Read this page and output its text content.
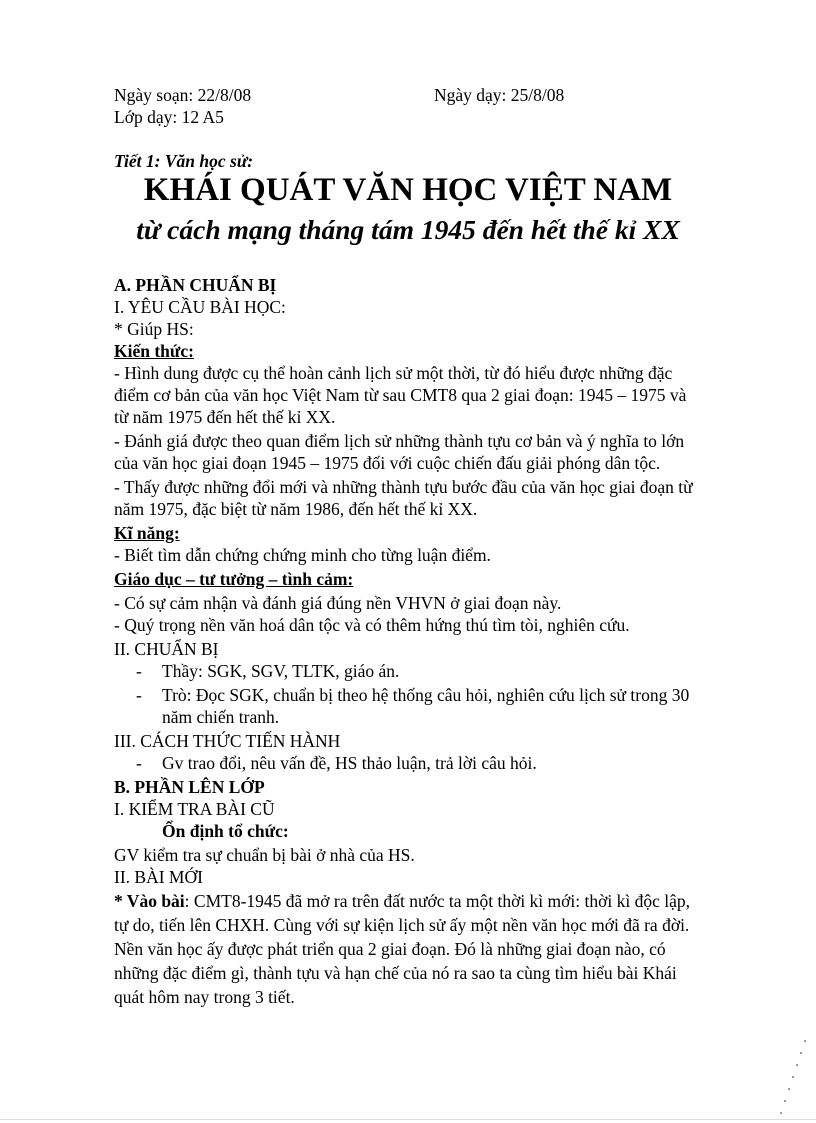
Ngày soạn: 22/8/08	Ngày dạy: 25/8/08
Lớp dạy: 12 A5
Tiết 1: Văn học sử:
KHÁI QUÁT VĂN HỌC VIỆT NAM
từ cách mạng tháng tám 1945 đến hết thế kỉ XX
A. PHẦN CHUẨN BỊ
I. YÊU CẦU BÀI HỌC:
* Giúp HS:
Kiến thức:
- Hình dung được cụ thể hoàn cảnh lịch sử một thời, từ đó hiểu được những đặc
điểm cơ bản của văn học Việt Nam từ sau CMT8 qua 2 giai đoạn: 1945 – 1975 và
từ năm 1975 đến hết thế kỉ XX.
- Đánh giá được theo quan điểm lịch sử những thành tựu cơ bản và ý nghĩa to lớn
của văn học giai đoạn 1945 – 1975 đối với cuộc chiến đấu giải phóng dân tộc.
- Thấy được những đổi mới và những thành tựu bước đầu của văn học giai đoạn từ
năm 1975, đặc biệt từ năm 1986, đến hết thế kỉ XX.
Kĩ năng:
- Biết tìm dẫn chứng chứng minh cho từng luận điểm.
Giáo dục – tư tưởng – tình cảm:
- Có sự cảm nhận và đánh giá đúng nền VHVN ở giai đoạn này.
- Quý trọng nền văn hoá dân tộc và có thêm hứng thú tìm tòi, nghiên cứu.
II. CHUẨN BỊ
- Thầy: SGK, SGV, TLTK, giáo án.
- Trò: Đọc SGK, chuẩn bị theo hệ thống câu hỏi, nghiên cứu lịch sử trong 30
năm chiến tranh.
III. CÁCH THỨC TIẾN HÀNH
- Gv trao đổi, nêu vấn đề, HS thảo luận, trả lời câu hỏi.
B. PHẦN LÊN LỚP
I. KIỂM TRA BÀI CŨ
Ổn định tổ chức:
GV kiểm tra sự chuẩn bị bài ở nhà của HS.
II. BÀI MỚI
* Vào bài: CMT8-1945 đã mở ra trên đất nước ta một thời kì mới: thời kì độc lập,
tự do, tiến lên CHXH. Cùng với sự kiện lịch sử ấy một nền văn học mới đã ra đời.
Nền văn học ấy được phát triển qua 2 giai đoạn. Đó là những giai đoạn nào, có
những đặc điểm gì, thành tựu và hạn chế của nó ra sao ta cùng tìm hiểu bài Khái
quát hôm nay trong 3 tiết.
